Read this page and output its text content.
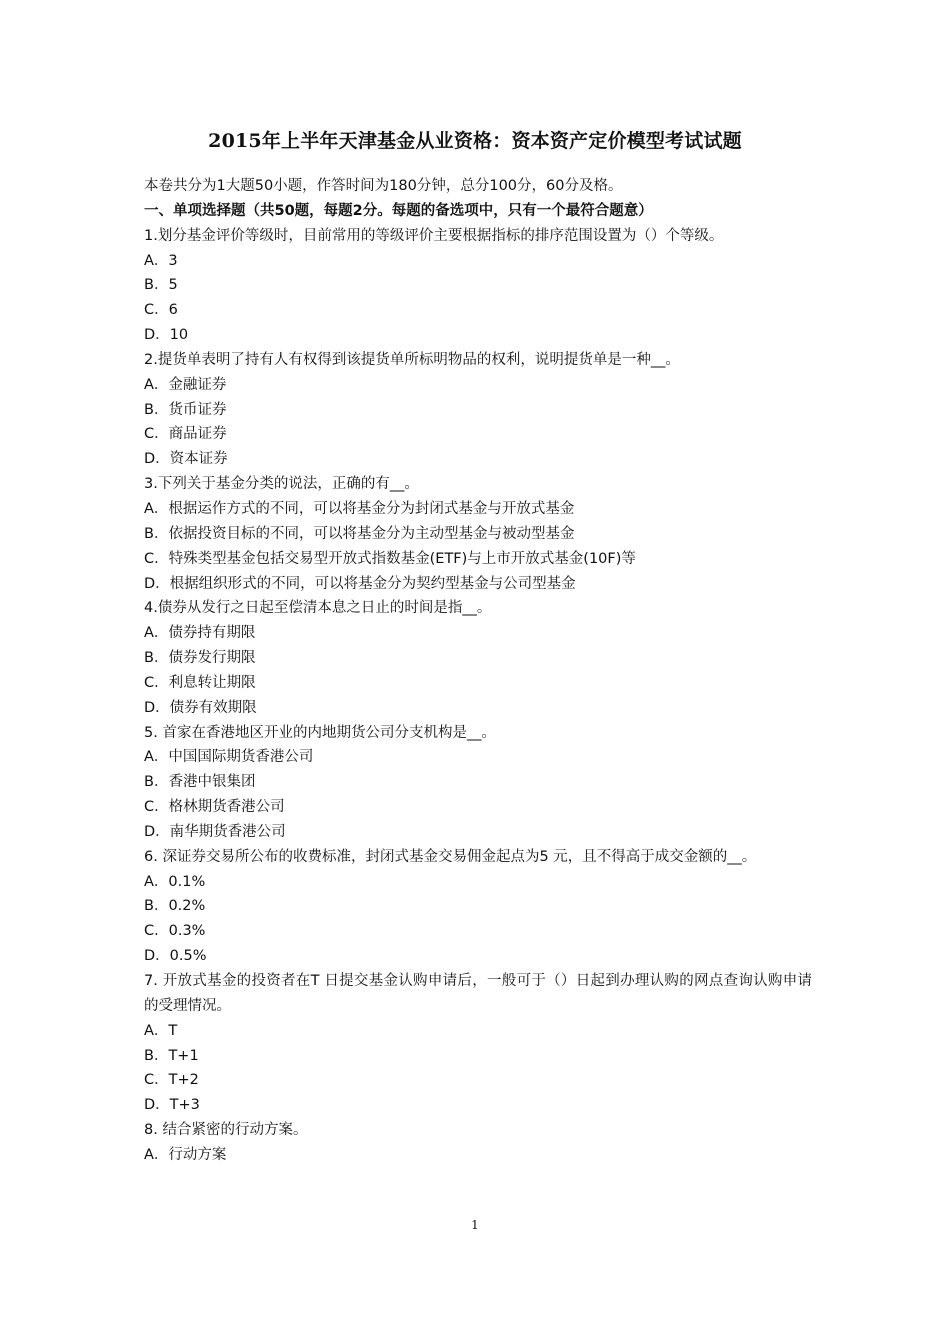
2015年上半年天津基金从业资格：资本资产定价模型考试试题
本卷共分为1大题50小题，作答时间为180分钟，总分100分，60分及格。
一、单项选择题（共50题，每题2分。每题的备选项中，只有一个最符合题意）
1.划分基金评价等级时，目前常用的等级评价主要根据指标的排序范围设置为（）个等级。
A．3
B．5
C．6
D．10
2.提货单表明了持有人有权得到该提货单所标明物品的权利，说明提货单是一种__。
A．金融证券
B．货币证券
C．商品证券
D．资本证券
3.下列关于基金分类的说法，正确的有__。
A．根据运作方式的不同，可以将基金分为封闭式基金与开放式基金
B．依据投资目标的不同，可以将基金分为主动型基金与被动型基金
C．特殊类型基金包括交易型开放式指数基金(ETF)与上市开放式基金(10F)等
D．根据组织形式的不同，可以将基金分为契约型基金与公司型基金
4.债券从发行之日起至偿清本息之日止的时间是指__。
A．债券持有期限
B．债券发行期限
C．利息转让期限
D．债券有效期限
5. 首家在香港地区开业的内地期货公司分支机构是__。
A．中国国际期货香港公司
B．香港中银集团
C．格林期货香港公司
D．南华期货香港公司
6. 深证券交易所公布的收费标准，封闭式基金交易佣金起点为5 元，且不得高于成交金额的__。
A．0.1%
B．0.2%
C．0.3%
D．0.5%
7. 开放式基金的投资者在T 日提交基金认购申请后，一般可于（）日起到办理认购的网点查询认购申请的受理情况。
A．T
B．T+1
C．T+2
D．T+3
8. 结合紧密的行动方案。
A．行动方案
1
